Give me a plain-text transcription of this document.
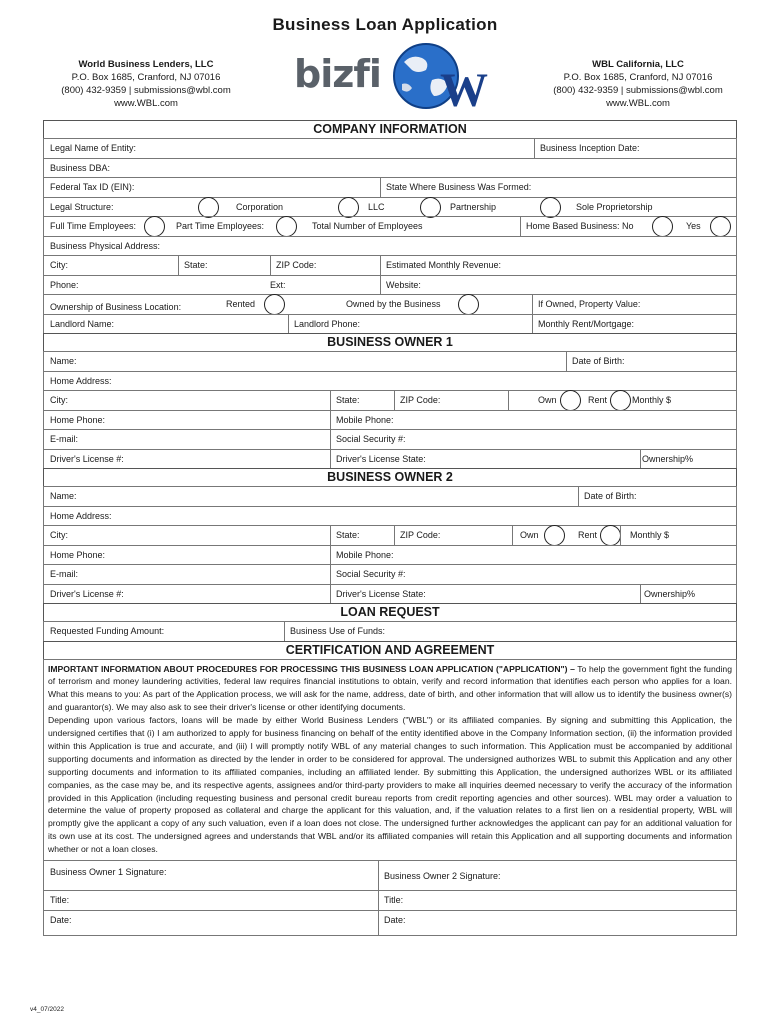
Business Loan Application
World Business Lenders, LLC
P.O. Box 1685, Cranford, NJ 07016
(800) 432-9359 | submissions@wbl.com
www.WBL.com
bizfi W	WBL California, LLC
P.O. Box 1685, Cranford, NJ 07016
(800) 432-9359 | submissions@wbl.com
www.WBL.com
COMPANY INFORMATION
Legal Name of Entity:	Business Inception Date:
Business DBA:
Federal Tax ID (EIN):	State Where Business Was Formed:
Legal Structure:	Corporation	LLC	Partnership	Sole Proprietorship
Full Time Employees:	Part Time Employees:	Total Number of Employees	Home Based Business: No	Yes
Business Physical Address:
City:	State:	ZIP Code:	Estimated Monthly Revenue:
Phone:	Ext:	Website:
Ownership of Business Location:	Rented	Owned by the Business	If Owned, Property Value:
Landlord Name:	Landlord Phone:	Monthly Rent/Mortgage:
BUSINESS OWNER 1
Name:	Date of Birth:
Home Address:
City:	State:	ZIP Code:	Own	Rent	Monthly $
Home Phone:	Mobile Phone:
E-mail:	Social Security #:
Driver's License #:	Driver's License State:	Ownership%
BUSINESS OWNER 2
Name:	Date of Birth:
Home Address:
City:	State:	ZIP Code:	Own	Rent	Monthly $
Home Phone:	Mobile Phone:
E-mail:	Social Security #:
Driver's License #:	Driver's License State:	Ownership%
LOAN REQUEST
Requested Funding Amount:	Business Use of Funds:
CERTIFICATION AND AGREEMENT

IMPORTANT INFORMATION ABOUT PROCEDURES FOR PROCESSING THIS BUSINESS LOAN APPLICATION ("APPLICATION") – To help the government fight the funding of terrorism and money laundering activities, federal law requires financial institutions to obtain, verify and record information that identifies each person who applies for a loan. What this means to you: As part of the Application process, we will ask for the name, address, date of birth, and other information that will allow us to identify the business owner(s) and guarantor(s). We may also ask to see their driver's license or other identifying documents.

Depending upon various factors, loans will be made by either World Business Lenders ("WBL") or its affiliated companies. By signing and submitting this Application, the undersigned certifies that (i) I am authorized to apply for business financing on behalf of the entity identified above in the Company Information section, (ii) the information provided within this Application is true and accurate, and (iii) I will promptly notify WBL of any material changes to such information. This Application must be accompanied by additional supporting documents and information as directed by the lender in order to be considered for approval. The undersigned authorizes WBL to submit this Application and any other supporting documents and information to its affiliated companies, including an affiliated lender. By submitting this Application, the undersigned authorizes WBL or its affiliated companies, as the case may be, and its respective agents, assignees and/or third-party providers to make all inquiries deemed necessary to verify the accuracy of the information provided in this Application (including requesting business and personal credit bureau reports from credit reporting agencies and other sources). WBL may order a valuation to determine the value of property proposed as collateral and charge the applicant for this valuation, and, if the valuation relates to a first lien on a residential property, WBL will promptly give the applicant a copy of any such valuation, even if a loan does not close. The undersigned further acknowledges the applicant can pay for an additional valuation for its own use at its cost. The undersigned agrees and understands that WBL and/or its affiliated companies will retain this Application and all supporting documents and information whether or not a loan closes.

Business Owner 1 Signature:	Business Owner 2 Signature:
Title:	Title:
Date:	Date:
v4_07/2022
